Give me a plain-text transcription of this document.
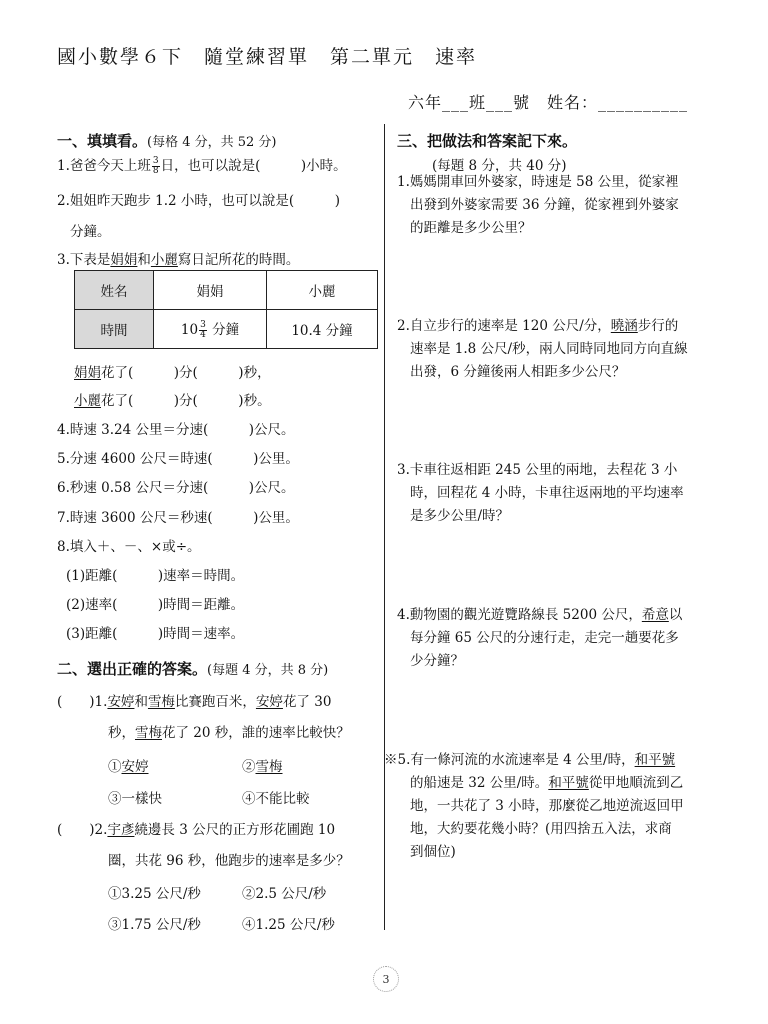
國小數學６下　隨堂練習單　第二單元　速率
六年___班___號　姓名：__________
一、填填看。(每格 4 分，共 52 分)
1.爸爸今天上班 $\frac{3}{8}$ 日，也可以說是(　　　)小時。
2.姐姐昨天跑步 1.2 小時，也可以說是(　　　)
分鐘。
3.下表是娟娟和小麗寫日記所花的時間。
姓名	娟娟	小麗
時間	$10 \frac{3}{4}$ 分鐘	10.4 分鐘
娟娟花了(　　　)分(　　　)秒，
小麗花了(　　　)分(　　　)秒。
4.時速 3.24 公里＝分速(　　　)公尺。
5.分速 4600 公尺＝時速(　　　)公里。
6.秒速 0.58 公尺＝分速(　　　)公尺。
7.時速 3600 公尺＝秒速(　　　)公里。
8.填入＋、－、×或÷。
(1)距離(　　　)速率＝時間。
(2)速率(　　　)時間＝距離。
(3)距離(　　　)時間＝速率。
二、選出正確的答案。(每題 4 分，共 8 分)
(　　)1.安婷和雪梅比賽跑百米，安婷花了 30
秒，雪梅花了 20 秒，誰的速率比較快？
①安婷	②雪梅
③一樣快	④不能比較
(　　)2.宇彥繞邊長 3 公尺的正方形花圃跑 10
圈，共花 96 秒，他跑步的速率是多少？
①3.25 公尺/秒	②2.5 公尺/秒
③1.75 公尺/秒	④1.25 公尺/秒
三、把做法和答案記下來。
(每題 8 分，共 40 分)
1.媽媽開車回外婆家，時速是 58 公里，從家裡
出發到外婆家需要 36 分鐘，從家裡到外婆家
的距離是多少公里？
2.自立步行的速率是 120 公尺/分，曉涵步行的
速率是 1.8 公尺/秒，兩人同時同地同方向直線
出發，6 分鐘後兩人相距多少公尺？
3.卡車往返相距 245 公里的兩地，去程花 3 小
時，回程花 4 小時，卡車往返兩地的平均速率
是多少公里/時？
4.動物園的觀光遊覽路線長 5200 公尺，希意以
每分鐘 65 公尺的分速行走，走完一趟要花多
少分鐘？
※5.有一條河流的水流速率是 4 公里/時，和平號
的船速是 32 公里/時。和平號從甲地順流到乙
地，一共花了 3 小時，那麼從乙地逆流返回甲
地，大約要花幾小時？(用四捨五入法，求商
到個位)
3
